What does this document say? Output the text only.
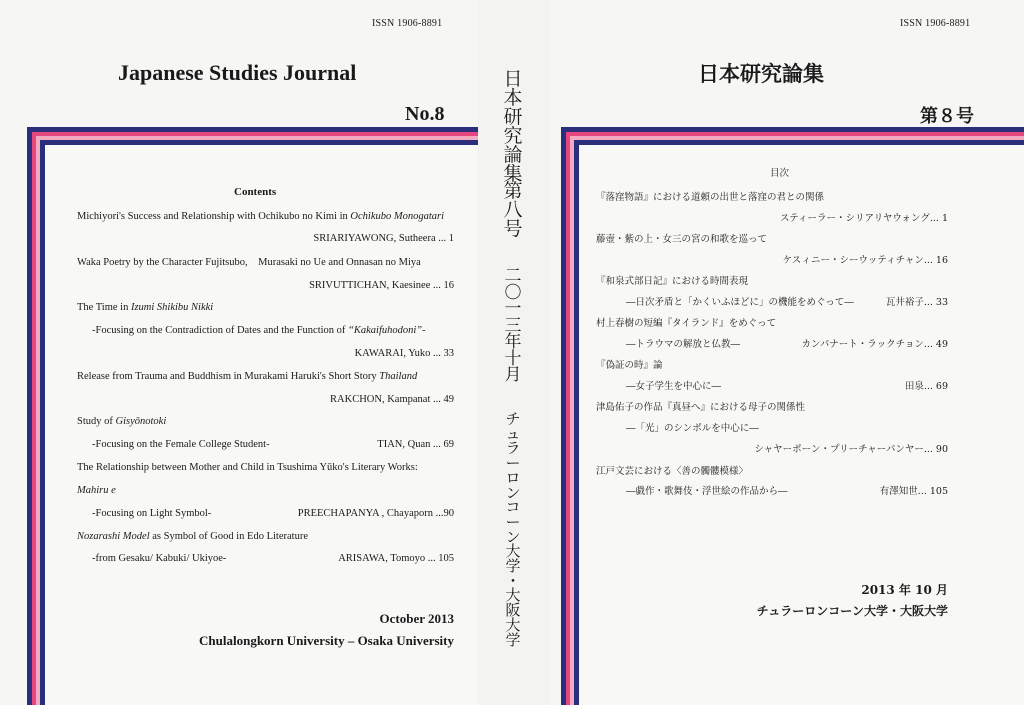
ISSN 1906-8891
Japanese Studies Journal
No.8
Contents
Michiyori's Success and Relationship with Ochikubo no Kimi in Ochikubo Monogatari
SRIARIYAWONG, Sutheera ... 1
Waka Poetry by the Character Fujitsubo,    Murasaki no Ue and Onnasan no Miya
SRIVUTTICHAN, Kaesinee ... 16
The Time in Izumi Shikibu Nikki
-Focusing on the Contradiction of Dates and the Function of “Kakaifuhodoni”-
KAWARAI, Yuko ... 33
Release from Trauma and Buddhism in Murakami Haruki's Short Story Thailand
RAKCHON, Kampanat ... 49
Study of Gisyōnotoki
-Focusing on the Female College Student-	TIAN, Quan ... 69
The Relationship between Mother and Child in Tsushima Yūko's Literary Works:
Mahiru e
-Focusing on Light Symbol-	PREECHAPANYA , Chayaporn ...90
Nozarashi Model as Symbol of Good in Edo Literature
-from Gesaku/ Kabuki/ Ukiyoe-	ARISAWA, Tomoyo ... 105
October 2013
Chulalongkorn University – Osaka University
日
本
研
究
論
集
第
八
号
二
〇
一
三
年
十
月
チ
ュ
ラ
ー
ロ
ン
コ
ー
ン
大
学
・
大
阪
大
学
ISSN 1906-8891
日本研究論集
第８号
目次
『落窪物語』における道頼の出世と落窪の君との関係
スティーラー・シリアリヤウォング... 1
藤壺・紫の上・女三の宮の和歌を巡って
ケスィニー・シーウッティチャン... 16
『和泉式部日記』における時間表現
―日次矛盾と「かくいふほどに」の機能をめぐって―	瓦井裕子... 33
村上春樹の短編『タイランド』をめぐって
―トラウマの解放と仏教―	カンパナート・ラックチョン... 49
『偽証の時』論
―女子学生を中心に―	田泉... 69
津島佑子の作品『真昼へ』における母子の関係性
―「光」のシンボルを中心に―
シャヤーポーン・プリーチャーパンヤー... 90
江戸文芸における〈善の髑髏模様〉
―戯作・歌舞伎・浮世絵の作品から―	有澤知世... 105
2013 年 10 月
チュラーロンコーン大学・大阪大学
